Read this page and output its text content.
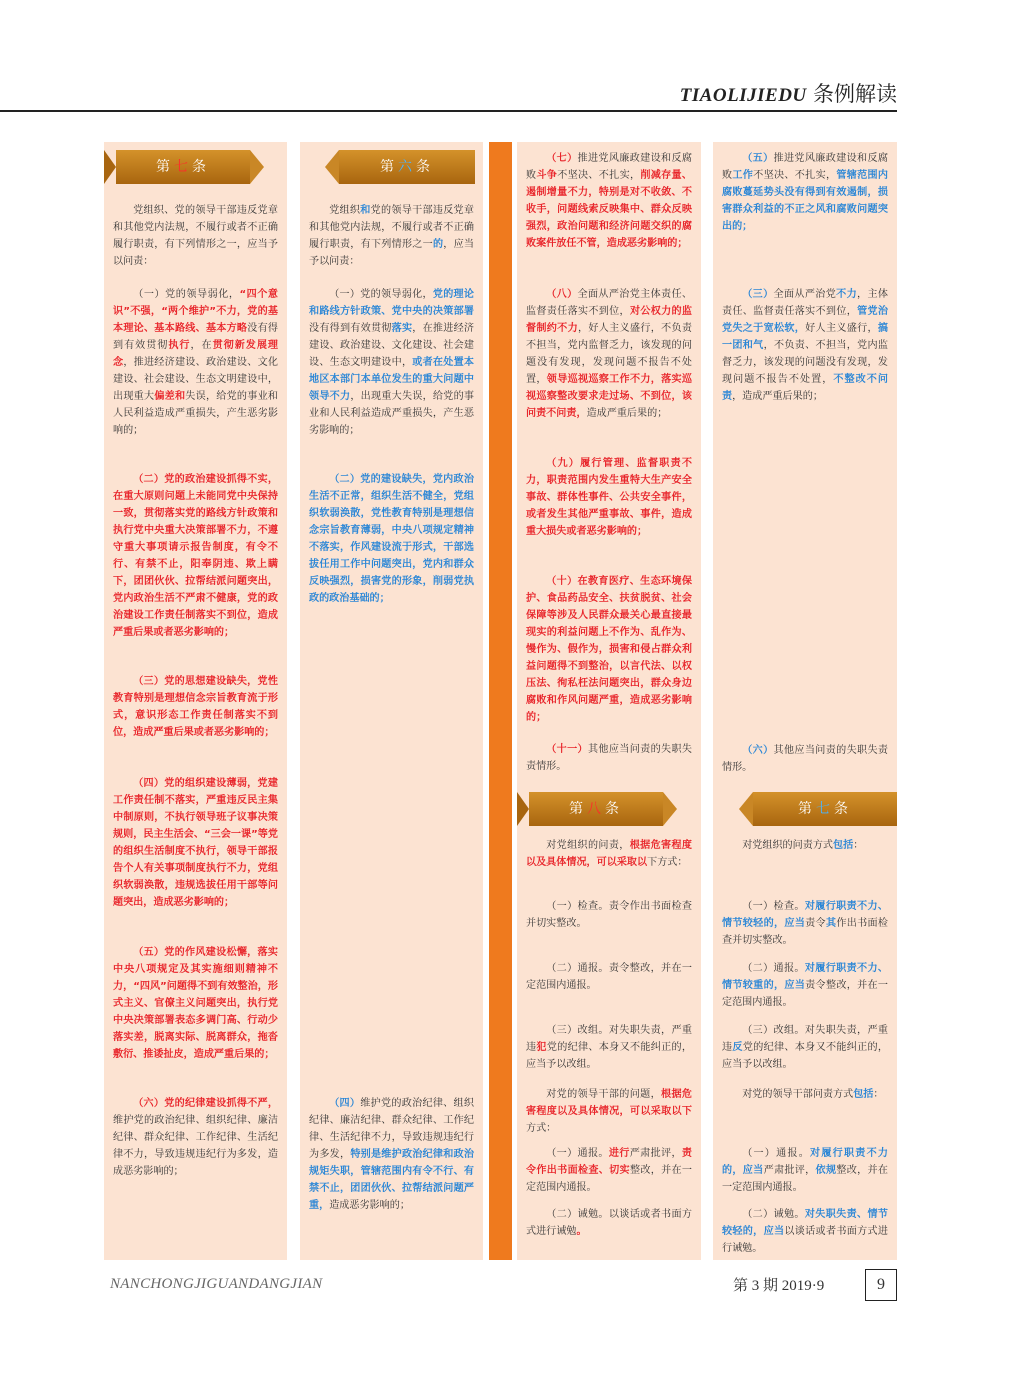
TIAOLIJIEDU 条例解读

党组织、党的领导干部违反党章和其他党内法规，不履行或者不正确履行职责，有下列情形之一，应当予以问责：

（一）党的领导弱化，“四个意识”不强，“两个维护”不力，党的基本理论、基本路线、基本方略没有得到有效贯彻执行，在贯彻新发展理念，推进经济建设、政治建设、文化建设、社会建设、生态文明建设中，出现重大偏差和失误，给党的事业和人民利益造成严重损失，产生恶劣影响的；

（二）党的政治建设抓得不实，在重大原则问题上未能同党中央保持一致，贯彻落实党的路线方针政策和执行党中央重大决策部署不力，不遵守重大事项请示报告制度，有令不行、有禁不止，阳奉阴违、欺上瞒下，团团伙伙、拉帮结派问题突出，党内政治生活不严肃不健康，党的政治建设工作责任制落实不到位，造成严重后果或者恶劣影响的；

（三）党的思想建设缺失，党性教育特别是理想信念宗旨教育流于形式，意识形态工作责任制落实不到位，造成严重后果或者恶劣影响的；

（四）党的组织建设薄弱，党建工作责任制不落实，严重违反民主集中制原则，不执行领导班子议事决策规则，民主生活会、“三会一课”等党的组织生活制度不执行，领导干部报告个人有关事项制度执行不力，党组织软弱涣散，违规选拔任用干部等问题突出，造成恶劣影响的；

（五）党的作风建设松懈，落实中央八项规定及其实施细则精神不力，“四风”问题得不到有效整治，形式主义、官僚主义问题突出，执行党中央决策部署表态多调门高、行动少落实差，脱离实际、脱离群众，拖沓敷衍、推诿扯皮，造成严重后果的；

（六）党的纪律建设抓得不严，维护党的政治纪律、组织纪律、廉洁纪律、群众纪律、工作纪律、生活纪律不力，导致违规违纪行为多发，造成恶劣影响的；

党组织和党的领导干部违反党章和其他党内法规，不履行或者不正确履行职责，有下列情形之一的，应当予以问责：

（一）党的领导弱化，党的理论和路线方针政策、党中央的决策部署没有得到有效贯彻落实，在推进经济建设、政治建设、文化建设、社会建设、生态文明建设中，或者在处置本地区本部门本单位发生的重大问题中领导不力，出现重大失误，给党的事业和人民利益造成严重损失，产生恶劣影响的；

（二）党的建设缺失，党内政治生活不正常，组织生活不健全，党组织软弱涣散，党性教育特别是理想信念宗旨教育薄弱，中央八项规定精神不落实，作风建设流于形式，干部选拔任用工作中问题突出，党内和群众反映强烈，损害党的形象，削弱党执政的政治基础的；

（四）维护党的政治纪律、组织纪律、廉洁纪律、群众纪律、工作纪律、生活纪律不力，导致违规违纪行为多发，特别是维护政治纪律和政治规矩失职，管辖范围内有令不行、有禁不止，团团伙伙、拉帮结派问题严重，造成恶劣影响的；

（七）推进党风廉政建设和反腐败斗争不坚决、不扎实，削减存量、遏制增量不力，特别是对不收敛、不收手，问题线索反映集中、群众反映强烈，政治问题和经济问题交织的腐败案件放任不管，造成恶劣影响的；

（八）全面从严治党主体责任、监督责任落实不到位，对公权力的监督制约不力，好人主义盛行，不负责不担当，党内监督乏力，该发现的问题没有发现，发现问题不报告不处置，领导巡视巡察工作不力，落实巡视巡察整改要求走过场、不到位，该问责不问责，造成严重后果的；

（九）履行管理、监督职责不力，职责范围内发生重特大生产安全事故、群体性事件、公共安全事件，或者发生其他严重事故、事件，造成重大损失或者恶劣影响的；

（十）在教育医疗、生态环境保护、食品药品安全、扶贫脱贫、社会保障等涉及人民群众最关心最直接最现实的利益问题上不作为、乱作为、慢作为、假作为，损害和侵占群众利益问题得不到整治，以言代法、以权压法、徇私枉法问题突出，群众身边腐败和作风问题严重，造成恶劣影响的；

（十一）其他应当问责的失职失责情形。

对党组织的问责，根据危害程度以及具体情况，可以采取以下方式：

（一）检查。责令作出书面检查并切实整改。

（二）通报。责令整改，并在一定范围内通报。

（三）改组。对失职失责，严重违犯党的纪律、本身又不能纠正的，应当予以改组。

对党的领导干部的问题，根据危害程度以及具体情况，可以采取以下方式：

（一）通报。进行严肃批评，责令作出书面检查、切实整改，并在一定范围内通报。

（二）诫勉。以谈话或者书面方式进行诫勉。

（五）推进党风廉政建设和反腐败工作不坚决、不扎实，管辖范围内腐败蔓延势头没有得到有效遏制，损害群众利益的不正之风和腐败问题突出的；

（三）全面从严治党不力，主体责任、监督责任落实不到位，管党治党失之于宽松软，好人主义盛行，搞一团和气，不负责、不担当，党内监督乏力，该发现的问题没有发现，发现问题不报告不处置，不整改不问责，造成严重后果的；

（六）其他应当问责的失职失责情形。

对党组织的问责方式包括：

（一）检查。对履行职责不力、情节较轻的，应当责令其作出书面检查并切实整改。

（二）通报。对履行职责不力、情节较重的，应当责令整改，并在一定范围内通报。

（三）改组。对失职失责，严重违反党的纪律、本身又不能纠正的，应当予以改组。

对党的领导干部问责方式包括：

（一）通报。对履行职责不力的，应当严肃批评，依规整改，并在一定范围内通报。

（二）诫勉。对失职失责、情节较轻的，应当以谈话或者书面方式进行诫勉。

第七条	第六条
第八条	第七条
NANCHONGJIGUANDANGJIAN	第 3 期 2019·9	9
